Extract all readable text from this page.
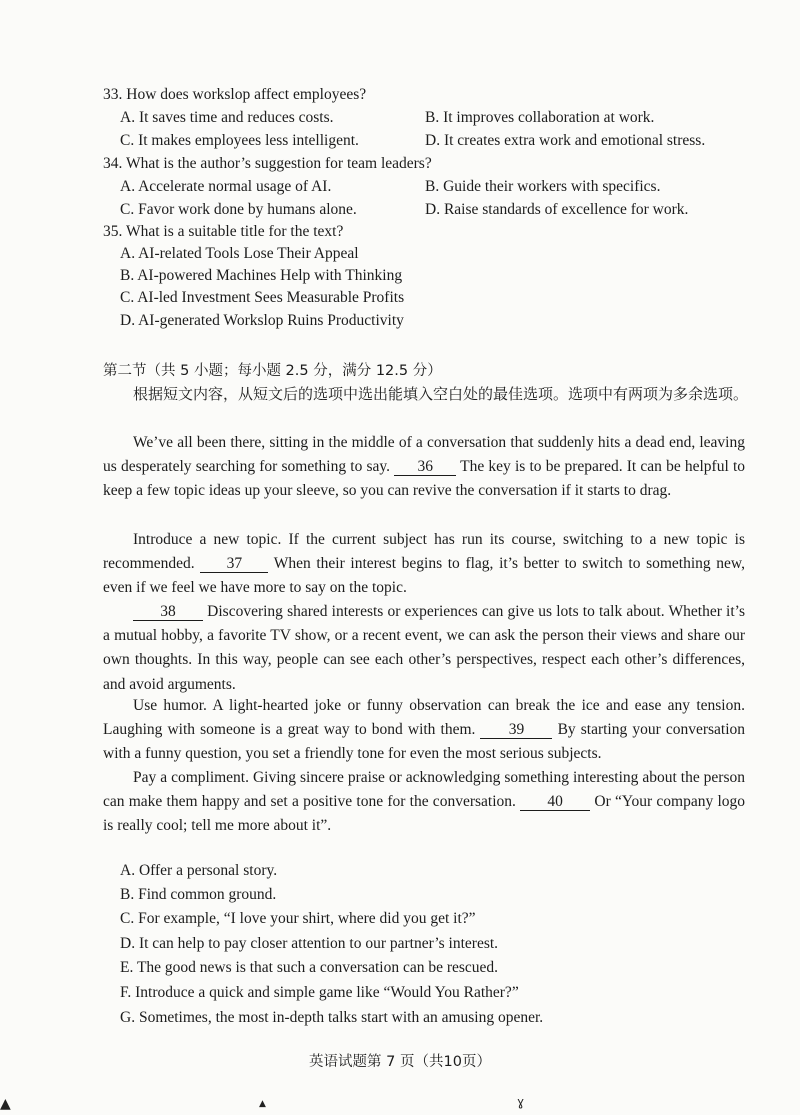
33. How does workslop affect employees?
A. It saves time and reduces costs.	B. It improves collaboration at work.
C. It makes employees less intelligent.	D. It creates extra work and emotional stress.
34. What is the author’s suggestion for team leaders?
A. Accelerate normal usage of AI.	B. Guide their workers with specifics.
C. Favor work done by humans alone.	D. Raise standards of excellence for work.
35. What is a suitable title for the text?
A. AI-related Tools Lose Their Appeal
B. AI-powered Machines Help with Thinking
C. AI-led Investment Sees Measurable Profits
D. AI-generated Workslop Ruins Productivity
第二节（共 5 小题；每小题 2.5 分，满分 12.5 分）
根据短文内容，从短文后的选项中选出能填入空白处的最佳选项。选项中有两项为多余选项。
We’ve all been there, sitting in the middle of a conversation that suddenly hits a dead end, leaving us desperately searching for something to say. 36 The key is to be prepared. It can be helpful to keep a few topic ideas up your sleeve, so you can revive the conversation if it starts to drag.
Introduce a new topic. If the current subject has run its course, switching to a new topic is recommended. 37 When their interest begins to flag, it’s better to switch to something new, even if we feel we have more to say on the topic.
38 Discovering shared interests or experiences can give us lots to talk about. Whether it’s a mutual hobby, a favorite TV show, or a recent event, we can ask the person their views and share our own thoughts. In this way, people can see each other’s perspectives, respect each other’s differences, and avoid arguments.
Use humor. A light-hearted joke or funny observation can break the ice and ease any tension. Laughing with someone is a great way to bond with them. 39 By starting your conversation with a funny question, you set a friendly tone for even the most serious subjects.
Pay a compliment. Giving sincere praise or acknowledging something interesting about the person can make them happy and set a positive tone for the conversation. 40 Or “Your company logo is really cool; tell me more about it”.
A. Offer a personal story.
B. Find common ground.
C. For example, “I love your shirt, where did you get it?”
D. It can help to pay closer attention to our partner’s interest.
E. The good news is that such a conversation can be rescued.
F. Introduce a quick and simple game like “Would You Rather?”
G. Sometimes, the most in-depth talks start with an amusing opener.
英语试题第 7 页（共10页）
▲	▲	ɣ
